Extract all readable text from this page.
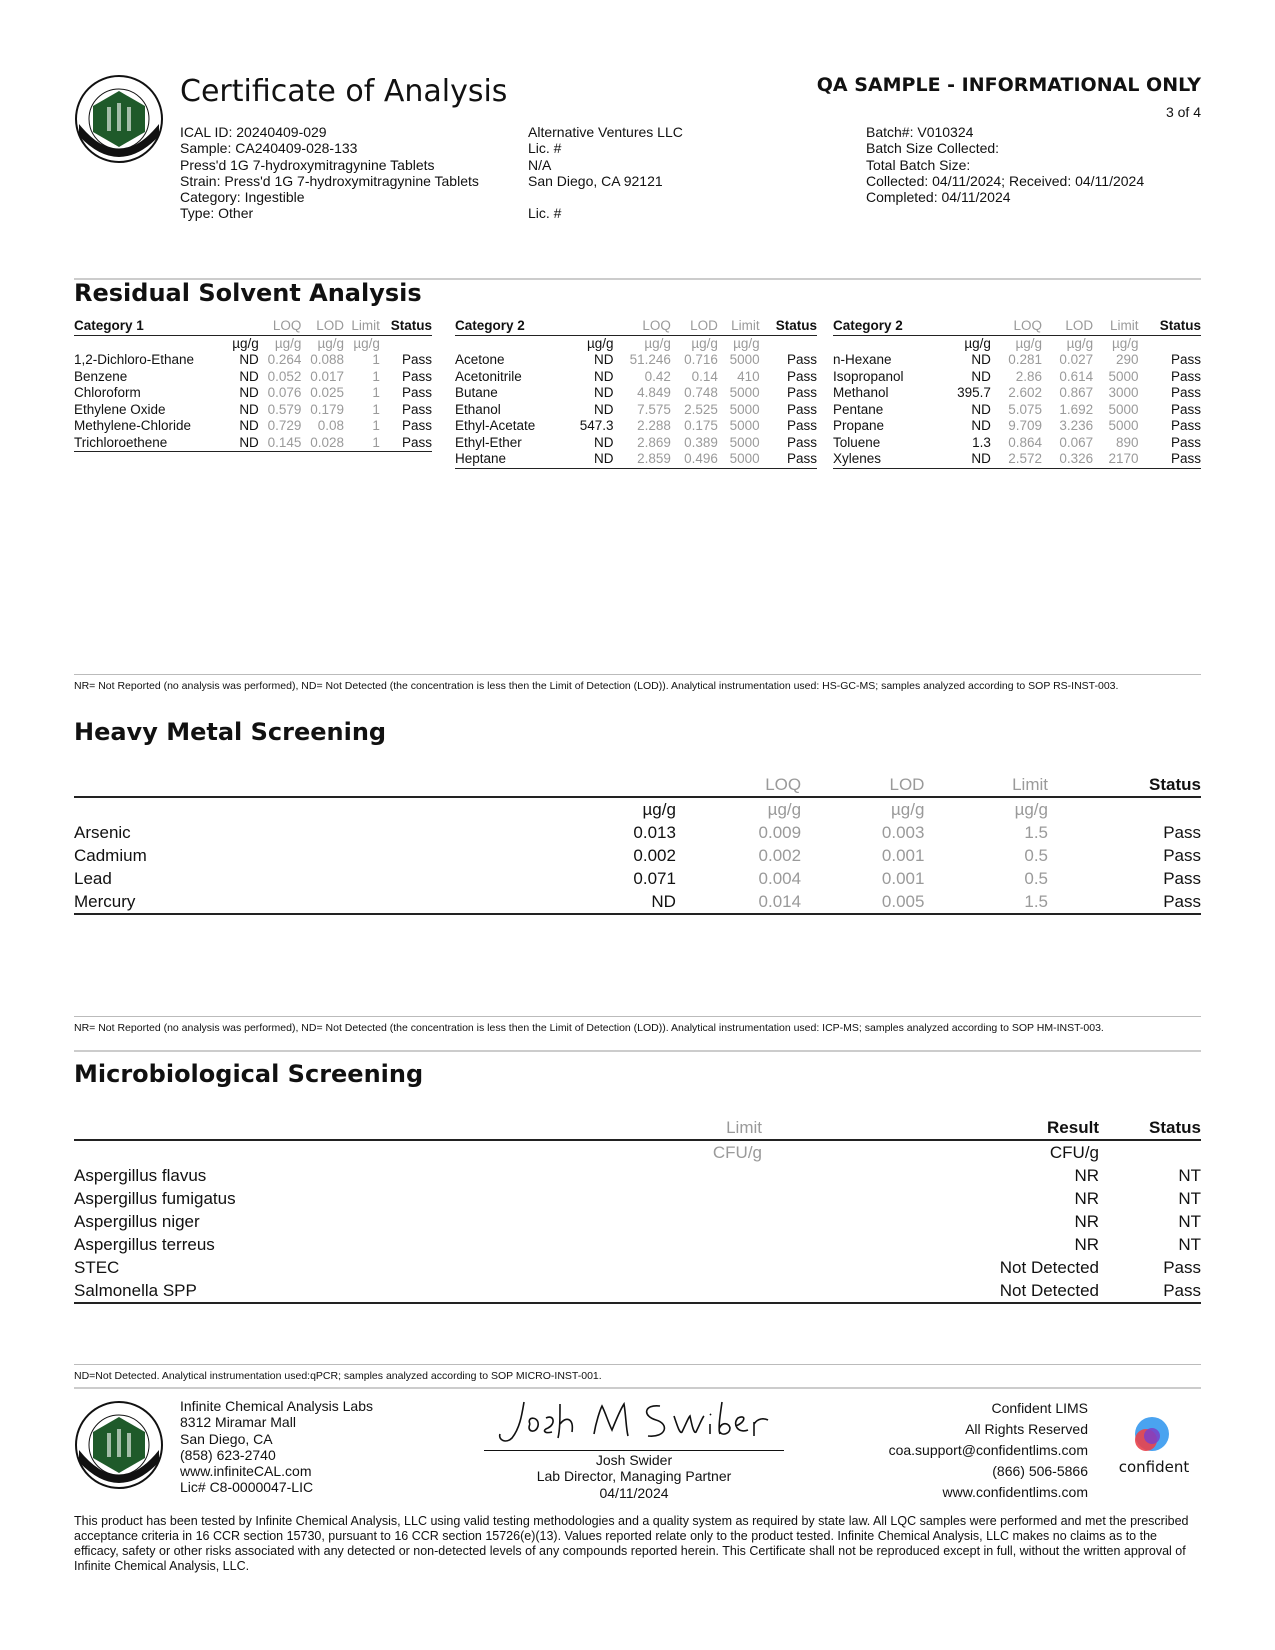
Certificate of Analysis	QA SAMPLE - INFORMATIONAL ONLY
3 of 4
ICAL ID: 20240409-029
Sample: CA240409-028-133
Press'd 1G 7-hydroxymitragynine Tablets
Strain: Press'd 1G 7-hydroxymitragynine Tablets
Category: Ingestible
Type: Other
Alternative Ventures LLC
Lic. #
N/A
San Diego, CA 92121
Lic. #
Batch#: V010324
Batch Size Collected:
Total Batch Size:
Collected: 04/11/2024; Received: 04/11/2024
Completed: 04/11/2024
Residual Solvent Analysis
Category 1		LOQ	LOD	Limit	Status
	µg/g	µg/g	µg/g	µg/g	
1,2-Dichloro-Ethane	ND	0.264	0.088	1	Pass
Benzene	ND	0.052	0.017	1	Pass
Chloroform	ND	0.076	0.025	1	Pass
Ethylene Oxide	ND	0.579	0.179	1	Pass
Methylene-Chloride	ND	0.729	0.08	1	Pass
Trichloroethene	ND	0.145	0.028	1	Pass
Category 2		LOQ	LOD	Limit	Status
	µg/g	µg/g	µg/g	µg/g	
Acetone	ND	51.246	0.716	5000	Pass
Acetonitrile	ND	0.42	0.14	410	Pass
Butane	ND	4.849	0.748	5000	Pass
Ethanol	ND	7.575	2.525	5000	Pass
Ethyl-Acetate	547.3	2.288	0.175	5000	Pass
Ethyl-Ether	ND	2.869	0.389	5000	Pass
Heptane	ND	2.859	0.496	5000	Pass
Category 2		LOQ	LOD	Limit	Status
	µg/g	µg/g	µg/g	µg/g	
n-Hexane	ND	0.281	0.027	290	Pass
Isopropanol	ND	2.86	0.614	5000	Pass
Methanol	395.7	2.602	0.867	3000	Pass
Pentane	ND	5.075	1.692	5000	Pass
Propane	ND	9.709	3.236	5000	Pass
Toluene	1.3	0.864	0.067	890	Pass
Xylenes	ND	2.572	0.326	2170	Pass
NR= Not Reported (no analysis was performed), ND= Not Detected (the concentration is less then the Limit of Detection (LOD)). Analytical instrumentation used: HS-GC-MS; samples analyzed according to SOP RS-INST-003.
Heavy Metal Screening
		LOQ	LOD	Limit	Status
	µg/g	µg/g	µg/g	µg/g	
Arsenic	0.013	0.009	0.003	1.5	Pass
Cadmium	0.002	0.002	0.001	0.5	Pass
Lead	0.071	0.004	0.001	0.5	Pass
Mercury	ND	0.014	0.005	1.5	Pass
NR= Not Reported (no analysis was performed), ND= Not Detected (the concentration is less then the Limit of Detection (LOD)). Analytical instrumentation used: ICP-MS; samples analyzed according to SOP HM-INST-003.
Microbiological Screening
	Limit	Result	Status
	CFU/g	CFU/g	
Aspergillus flavus		NR	NT
Aspergillus fumigatus		NR	NT
Aspergillus niger		NR	NT
Aspergillus terreus		NR	NT
STEC		Not Detected	Pass
Salmonella SPP		Not Detected	Pass
ND=Not Detected. Analytical instrumentation used:qPCR; samples analyzed according to SOP MICRO-INST-001.
Infinite Chemical Analysis Labs
8312 Miramar Mall
San Diego, CA
(858) 623-2740
www.infiniteCAL.com
Lic# C8-0000047-LIC
Josh Swider
Lab Director, Managing Partner
04/11/2024
Confident LIMS
All Rights Reserved
coa.support@confidentlims.com
(866) 506-5866
www.confidentlims.com
confident
This product has been tested by Infinite Chemical Analysis, LLC using valid testing methodologies and a quality system as required by state law. All LQC samples were performed and met the prescribed acceptance criteria in 16 CCR section 15730, pursuant to 16 CCR section 15726(e)(13). Values reported relate only to the product tested. Infinite Chemical Analysis, LLC makes no claims as to the efficacy, safety or other risks associated with any detected or non-detected levels of any compounds reported herein. This Certificate shall not be reproduced except in full, without the written approval of Infinite Chemical Analysis, LLC.
